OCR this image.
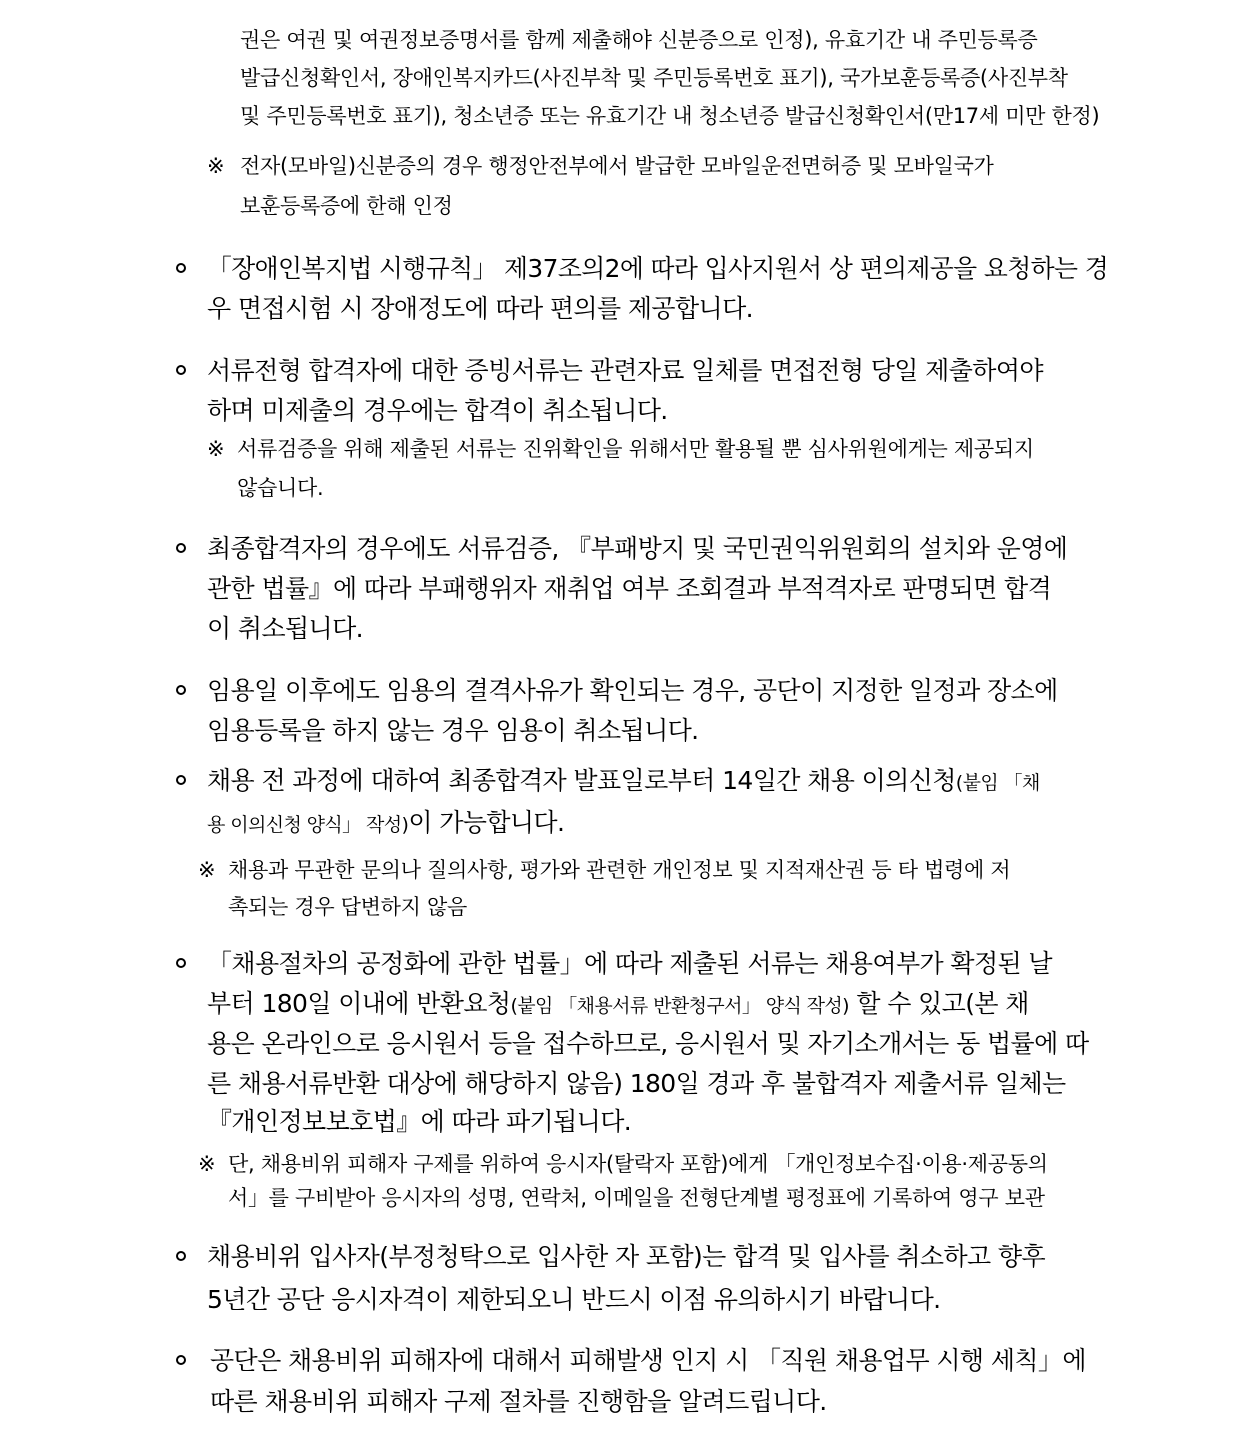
권은 여권 및 여권정보증명서를 함께 제출해야 신분증으로 인정), 유효기간 내 주민등록증
발급신청확인서, 장애인복지카드(사진부착 및 주민등록번호 표기), 국가보훈등록증(사진부착
및 주민등록번호 표기), 청소년증 또는 유효기간 내 청소년증 발급신청확인서(만17세 미만 한정)
※ 전자(모바일)신분증의 경우 행정안전부에서 발급한 모바일운전면허증 및 모바일국가
보훈등록증에 한해 인정
「장애인복지법 시행규칙」 제37조의2에 따라 입사지원서 상 편의제공을 요청하는 경
우 면접시험 시 장애정도에 따라 편의를 제공합니다.
서류전형 합격자에 대한 증빙서류는 관련자료 일체를 면접전형 당일 제출하여야
하며 미제출의 경우에는 합격이 취소됩니다.
※ 서류검증을 위해 제출된 서류는 진위확인을 위해서만 활용될 뿐 심사위원에게는 제공되지
않습니다.
최종합격자의 경우에도 서류검증, 『부패방지 및 국민권익위원회의 설치와 운영에
관한 법률』에 따라 부패행위자 재취업 여부 조회결과 부적격자로 판명되면 합격
이 취소됩니다.
임용일 이후에도 임용의 결격사유가 확인되는 경우, 공단이 지정한 일정과 장소에
임용등록을 하지 않는 경우 임용이 취소됩니다.
채용 전 과정에 대하여 최종합격자 발표일로부터 14일간 채용 이의신청(붙임 「채
용 이의신청 양식」 작성)이 가능합니다.
※ 채용과 무관한 문의나 질의사항, 평가와 관련한 개인정보 및 지적재산권 등 타 법령에 저
촉되는 경우 답변하지 않음
「채용절차의 공정화에 관한 법률」에 따라 제출된 서류는 채용여부가 확정된 날
부터 180일 이내에 반환요청(붙임 「채용서류 반환청구서」 양식 작성) 할 수 있고(본 채
용은 온라인으로 응시원서 등을 접수하므로, 응시원서 및 자기소개서는 동 법률에 따
른 채용서류반환 대상에 해당하지 않음) 180일 경과 후 불합격자 제출서류 일체는
『개인정보보호법』에 따라 파기됩니다.
※ 단, 채용비위 피해자 구제를 위하여 응시자(탈락자 포함)에게 「개인정보수집·이용·제공동의
서」를 구비받아 응시자의 성명, 연락처, 이메일을 전형단계별 평정표에 기록하여 영구 보관
채용비위 입사자(부정청탁으로 입사한 자 포함)는 합격 및 입사를 취소하고 향후
5년간 공단 응시자격이 제한되오니 반드시 이점 유의하시기 바랍니다.
공단은 채용비위 피해자에 대해서 피해발생 인지 시 「직원 채용업무 시행 세칙」에
따른 채용비위 피해자 구제 절차를 진행함을 알려드립니다.
